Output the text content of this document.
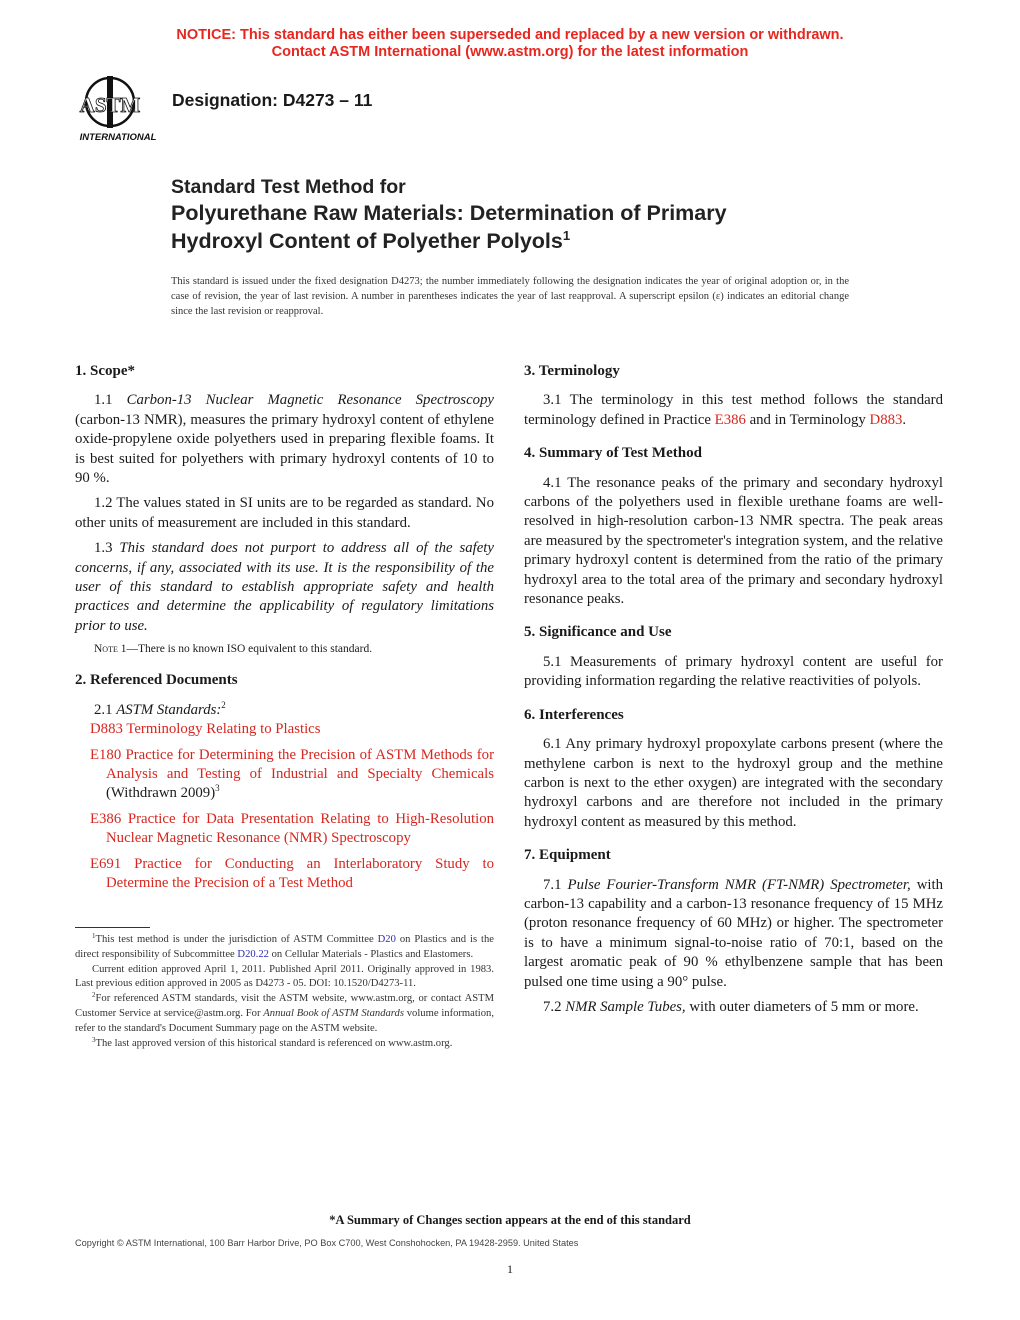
NOTICE: This standard has either been superseded and replaced by a new version or withdrawn.
Contact ASTM International (www.astm.org) for the latest information
ASTM
INTERNATIONAL
Designation: D4273 – 11
Standard Test Method for
Polyurethane Raw Materials: Determination of Primary
Hydroxyl Content of Polyether Polyols$^1$
This standard is issued under the fixed designation D4273; the number immediately following the designation indicates the year of original adoption or, in the case of revision, the year of last revision. A number in parentheses indicates the year of last reapproval. A superscript epsilon (ε) indicates an editorial change since the last revision or reapproval.
1. Scope*

1.1 Carbon-13 Nuclear Magnetic Resonance Spectroscopy (carbon-13 NMR), measures the primary hydroxyl content of ethylene oxide-propylene oxide polyethers used in preparing flexible foams. It is best suited for polyethers with primary hydroxyl contents of 10 to 90 %.

1.2 The values stated in SI units are to be regarded as standard. No other units of measurement are included in this standard.

1.3 This standard does not purport to address all of the safety concerns, if any, associated with its use. It is the responsibility of the user of this standard to establish appropriate safety and health practices and determine the applicability of regulatory limitations prior to use.

Note 1—There is no known ISO equivalent to this standard.
2. Referenced Documents

2.1 ASTM Standards:$^2$

D883 Terminology Relating to Plastics

E180 Practice for Determining the Precision of ASTM Methods for Analysis and Testing of Industrial and Specialty Chemicals (Withdrawn 2009)$^3$

E386 Practice for Data Presentation Relating to High-Resolution Nuclear Magnetic Resonance (NMR) Spectroscopy

E691 Practice for Conducting an Interlaboratory Study to Determine the Precision of a Test Method

$^1$This test method is under the jurisdiction of ASTM Committee D20 on Plastics and is the direct responsibility of Subcommittee D20.22 on Cellular Materials - Plastics and Elastomers.

Current edition approved April 1, 2011. Published April 2011. Originally approved in 1983. Last previous edition approved in 2005 as D4273 - 05. DOI: 10.1520/D4273-11.

$^2$For referenced ASTM standards, visit the ASTM website, www.astm.org, or contact ASTM Customer Service at service@astm.org. For Annual Book of ASTM Standards volume information, refer to the standard's Document Summary page on the ASTM website.

$^3$The last approved version of this historical standard is referenced on www.astm.org.

3. Terminology

3.1 The terminology in this test method follows the standard terminology defined in Practice E386 and in Terminology D883.

4. Summary of Test Method

4.1 The resonance peaks of the primary and secondary hydroxyl carbons of the polyethers used in flexible urethane foams are well-resolved in high-resolution carbon-13 NMR spectra. The peak areas are measured by the spectrometer's integration system, and the relative primary hydroxyl content is determined from the ratio of the primary hydroxyl area to the total area of the primary and secondary hydroxyl resonance peaks.

5. Significance and Use

5.1 Measurements of primary hydroxyl content are useful for providing information regarding the relative reactivities of polyols.

6. Interferences

6.1 Any primary hydroxyl propoxylate carbons present (where the methylene carbon is next to the hydroxyl group and the methine carbon is next to the ether oxygen) are integrated with the secondary hydroxyl carbons and are therefore not included in the primary hydroxyl content as measured by this method.

7. Equipment

7.1 Pulse Fourier-Transform NMR (FT-NMR) Spectrometer, with carbon-13 capability and a carbon-13 resonance frequency of 15 MHz (proton resonance frequency of 60 MHz) or higher. The spectrometer is to have a minimum signal-to-noise ratio of 70:1, based on the largest aromatic peak of 90 % ethylbenzene sample that has been pulsed one time using a 90° pulse.

7.2 NMR Sample Tubes, with outer diameters of 5 mm or more.

*A Summary of Changes section appears at the end of this standard
Copyright © ASTM International, 100 Barr Harbor Drive, PO Box C700, West Conshohocken, PA 19428-2959. United States
1
